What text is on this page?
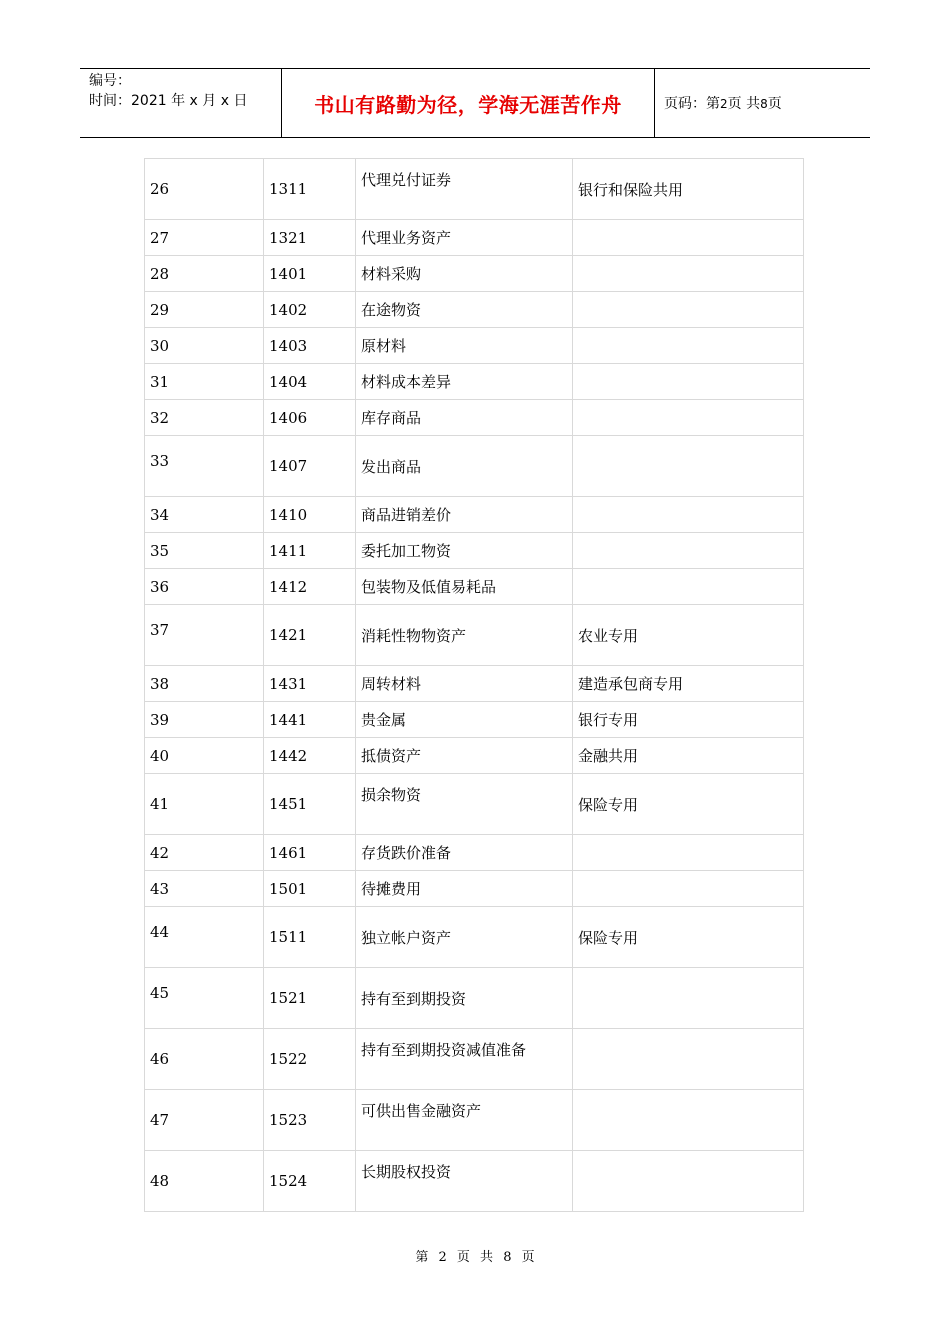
编号：
时间：2021 年 x 月 x 日	书山有路勤为径，学海无涯苦作舟	页码：第2页 共8页
26	1311	代理兑付证券	银行和保险共用
27	1321	代理业务资产	
28	1401	材料采购	
29	1402	在途物资	
30	1403	原材料	
31	1404	材料成本差异	
32	1406	库存商品	
33	1407	发出商品	
34	1410	商品进销差价	
35	1411	委托加工物资	
36	1412	包装物及低值易耗品	
37	1421	消耗性物物资产	农业专用
38	1431	周转材料	建造承包商专用
39	1441	贵金属	银行专用
40	1442	抵债资产	金融共用
41	1451	损余物资	保险专用
42	1461	存货跌价准备	
43	1501	待摊费用	
44	1511	独立帐户资产	保险专用
45	1521	持有至到期投资	
46	1522	持有至到期投资减值准备	
47	1523	可供出售金融资产	
48	1524	长期股权投资	
第 2 页 共 8 页
